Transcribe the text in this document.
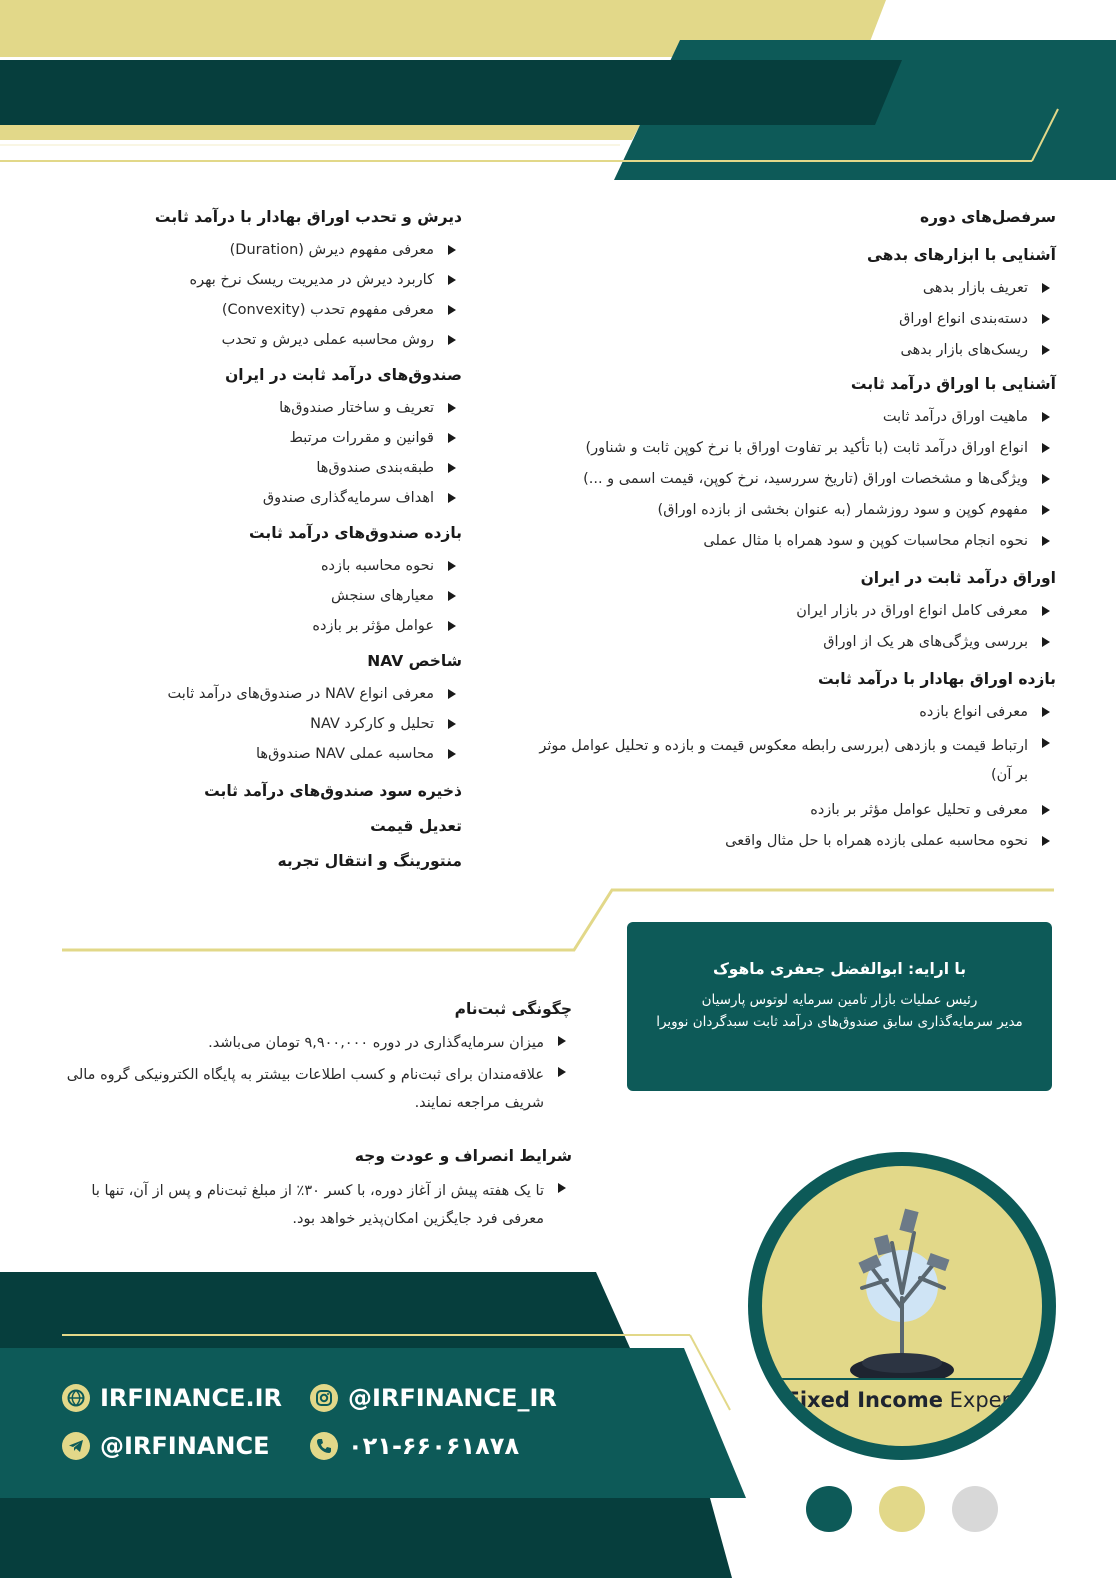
Fixed Income Expert

سرفصل‌های دوره

آشنایی با ابزارهای بدهی

تعریف بازار بدهی

دسته‌بندی انواع اوراق

ریسک‌های بازار بدهی

آشنایی با اوراق درآمد ثابت

ماهیت اوراق درآمد ثابت

انواع اوراق درآمد ثابت (با تأکید بر تفاوت اوراق با نرخ کوپن ثابت و شناور)

ویژگی‌ها و مشخصات اوراق (تاریخ سررسید، نرخ کوپن، قیمت اسمی و ...)

مفهوم کوپن و سود روزشمار (به عنوان بخشی از بازده اوراق)

نحوه انجام محاسبات کوپن و سود همراه با مثال عملی

اوراق درآمد ثابت در ایران

معرفی کامل انواع اوراق در بازار ایران

بررسی ویژگی‌های هر یک از اوراق

بازده اوراق بهادار با درآمد ثابت

معرفی انواع بازده

ارتباط قیمت و بازدهی (بررسی رابطه معکوس قیمت و بازده و تحلیل عوامل موثر بر آن)

معرفی و تحلیل عوامل مؤثر بر بازده

نحوه محاسبه عملی بازده همراه با حل مثال واقعی

دیرش و تحدب اوراق بهادار با درآمد ثابت

معرفی مفهوم دیرش (Duration)

کاربرد دیرش در مدیریت ریسک نرخ بهره

معرفی مفهوم تحدب (Convexity)

روش محاسبه عملی دیرش و تحدب

صندوق‌های درآمد ثابت در ایران

تعریف و ساختار صندوق‌ها

قوانین و مقررات مرتبط

طبقه‌بندی صندوق‌ها

اهداف سرمایه‌گذاری صندوق

بازده صندوق‌های درآمد ثابت

نحوه محاسبه بازده

معیارهای سنجش

عوامل مؤثر بر بازده

شاخص NAV

معرفی انواع NAV در صندوق‌های درآمد ثابت

تحلیل و کارکرد NAV

محاسبه عملی NAV صندوق‌ها

ذخیره سود صندوق‌های درآمد ثابت

تعدیل قیمت

منتورینگ و انتقال تجربه

با ارایه: ابوالفضل جعفری ماهوک
رئیس عملیات بازار تامین سرمایه لوتوس پارسیان
مدیر سرمایه‌گذاری سابق صندوق‌های درآمد ثابت سبدگردان نوویرا

چگونگی ثبت‌نام

میزان سرمایه‌گذاری در دوره ۹,۹۰۰,۰۰۰ تومان می‌باشد.

علاقه‌مندان برای ثبت‌نام و کسب اطلاعات بیشتر به پایگاه الکترونیکی گروه مالی شریف مراجعه نمایند.

شرایط انصراف و عودت وجه

تا یک هفته پیش از آغاز دوره، با کسر ۳۰٪ از مبلغ ثبت‌نام و پس از آن، تنها با معرفی فرد جایگزین امکان‌پذیر خواهد بود.

IRFINANCE.IR	@IRFINANCE_IR
@IRFINANCE	۰۲۱-۶۶۰۶۱۸۷۸
